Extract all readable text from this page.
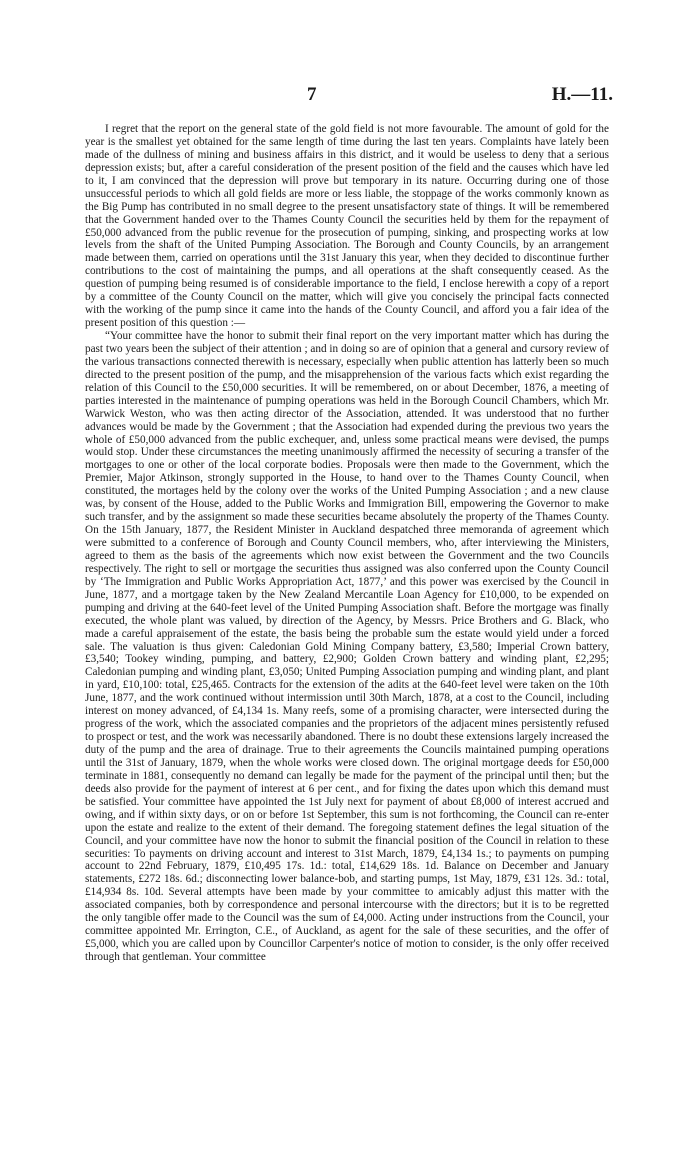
7	H.—11.

I regret that the report on the general state of the gold field is not more favourable. The amount of gold for the year is the smallest yet obtained for the same length of time during the last ten years. Complaints have lately been made of the dullness of mining and business affairs in this district, and it would be useless to deny that a serious depression exists; but, after a careful consideration of the present position of the field and the causes which have led to it, I am convinced that the depression will prove but temporary in its nature. Occurring during one of those unsuccessful periods to which all gold fields are more or less liable, the stoppage of the works commonly known as the Big Pump has contributed in no small degree to the present unsatisfactory state of things. It will be remembered that the Government handed over to the Thames County Council the securities held by them for the repayment of £50,000 advanced from the public revenue for the prosecution of pumping, sinking, and prospecting works at low levels from the shaft of the United Pumping Association. The Borough and County Councils, by an arrangement made between them, carried on operations until the 31st January this year, when they decided to discontinue further contributions to the cost of maintaining the pumps, and all operations at the shaft consequently ceased. As the question of pumping being resumed is of considerable importance to the field, I enclose herewith a copy of a report by a committee of the County Council on the matter, which will give you concisely the principal facts connected with the working of the pump since it came into the hands of the County Council, and afford you a fair idea of the present position of this question :—

“Your committee have the honor to submit their final report on the very important matter which has during the past two years been the subject of their attention ; and in doing so are of opinion that a general and cursory review of the various transactions connected therewith is necessary, especially when public attention has latterly been so much directed to the present position of the pump, and the misapprehension of the various facts which exist regarding the relation of this Council to the £50,000 securities. It will be remembered, on or about December, 1876, a meeting of parties interested in the maintenance of pumping operations was held in the Borough Council Chambers, which Mr. Warwick Weston, who was then acting director of the Association, attended. It was understood that no further advances would be made by the Government ; that the Association had expended during the previous two years the whole of £50,000 advanced from the public exchequer, and, unless some practical means were devised, the pumps would stop. Under these circumstances the meeting unanimously affirmed the necessity of securing a transfer of the mortgages to one or other of the local corporate bodies. Proposals were then made to the Government, which the Premier, Major Atkinson, strongly supported in the House, to hand over to the Thames County Council, when constituted, the mortages held by the colony over the works of the United Pumping Association ; and a new clause was, by consent of the House, added to the Public Works and Immigration Bill, empowering the Governor to make such transfer, and by the assignment so made these securities became absolutely the property of the Thames County. On the 15th January, 1877, the Resident Minister in Auckland despatched three memoranda of agreement which were submitted to a conference of Borough and County Council members, who, after interviewing the Ministers, agreed to them as the basis of the agreements which now exist between the Government and the two Councils respectively. The right to sell or mortgage the securities thus assigned was also conferred upon the County Council by ‘The Immigration and Public Works Appropriation Act, 1877,’ and this power was exercised by the Council in June, 1877, and a mortgage taken by the New Zealand Mercantile Loan Agency for £10,000, to be expended on pumping and driving at the 640-feet level of the United Pumping Association shaft. Before the mortgage was finally executed, the whole plant was valued, by direction of the Agency, by Messrs. Price Brothers and G. Black, who made a careful appraisement of the estate, the basis being the probable sum the estate would yield under a forced sale. The valuation is thus given: Caledonian Gold Mining Company battery, £3,580; Imperial Crown battery, £3,540; Tookey winding, pumping, and battery, £2,900; Golden Crown battery and winding plant, £2,295; Caledonian pumping and winding plant, £3,050; United Pumping Association pumping and winding plant, and plant in yard, £10,100: total, £25,465. Contracts for the extension of the adits at the 640-feet level were taken on the 10th June, 1877, and the work continued without intermission until 30th March, 1878, at a cost to the Council, including interest on money advanced, of £4,134 1s. Many reefs, some of a promising character, were intersected during the progress of the work, which the associated companies and the proprietors of the adjacent mines persistently refused to prospect or test, and the work was necessarily abandoned. There is no doubt these extensions largely increased the duty of the pump and the area of drainage. True to their agreements the Councils maintained pumping operations until the 31st of January, 1879, when the whole works were closed down. The original mortgage deeds for £50,000 terminate in 1881, consequently no demand can legally be made for the payment of the principal until then; but the deeds also provide for the payment of interest at 6 per cent., and for fixing the dates upon which this demand must be satisfied. Your committee have appointed the 1st July next for payment of about £8,000 of interest accrued and owing, and if within sixty days, or on or before 1st September, this sum is not forthcoming, the Council can re-enter upon the estate and realize to the extent of their demand. The foregoing statement defines the legal situation of the Council, and your committee have now the honor to submit the financial position of the Council in relation to these securities: To payments on driving account and interest to 31st March, 1879, £4,134 1s.; to payments on pumping account to 22nd February, 1879, £10,495 17s. 1d.: total, £14,629 18s. 1d. Balance on December and January statements, £272 18s. 6d.; disconnecting lower balance-bob, and starting pumps, 1st May, 1879, £31 12s. 3d.: total, £14,934 8s. 10d. Several attempts have been made by your committee to amicably adjust this matter with the associated companies, both by correspondence and personal intercourse with the directors; but it is to be regretted the only tangible offer made to the Council was the sum of £4,000. Acting under instructions from the Council, your committee appointed Mr. Errington, C.E., of Auckland, as agent for the sale of these securities, and the offer of £5,000, which you are called upon by Councillor Carpenter's notice of motion to consider, is the only offer received through that gentleman. Your committee
